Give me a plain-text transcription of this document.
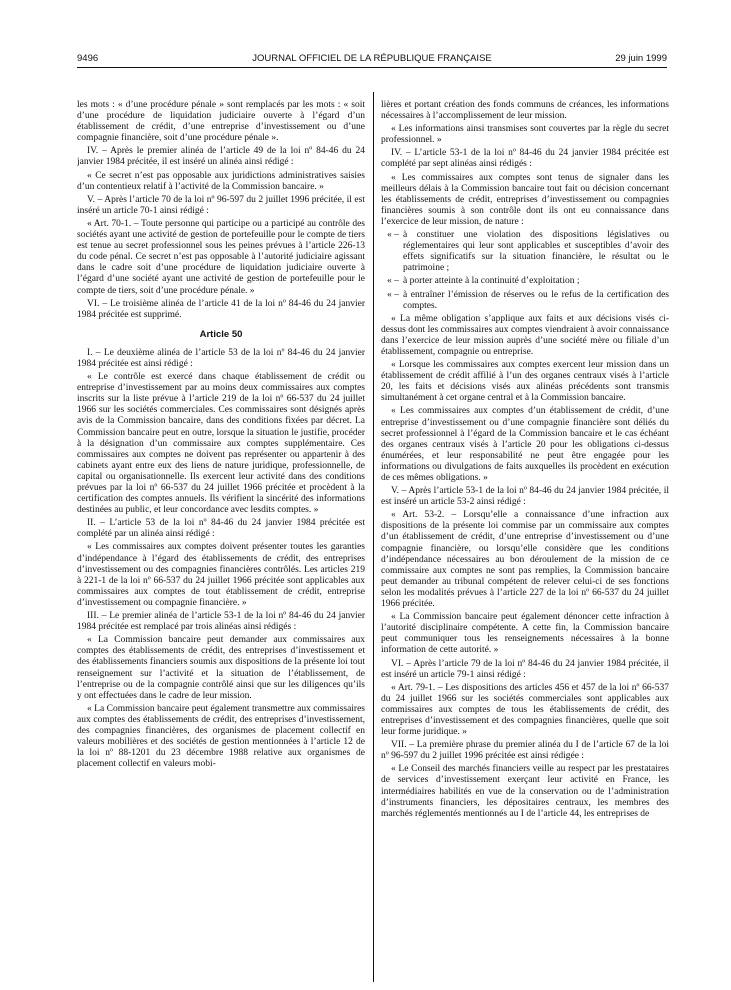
9496	JOURNAL OFFICIEL DE LA RÉPUBLIQUE FRANÇAISE	29 juin 1999

les mots : « d’une procédure pénale » sont remplacés par les mots : « soit d’une procédure de liquidation judiciaire ouverte à l’égard d’un établissement de crédit, d’une entreprise d’investissement ou d’une compagnie financière, soit d’une procédure pénale ».

IV. – Après le premier alinéa de l’article 49 de la loi nº 84-46 du 24 janvier 1984 précitée, il est inséré un alinéa ainsi rédigé :

« Ce secret n’est pas opposable aux juridictions administratives saisies d’un contentieux relatif à l’activité de la Commission bancaire. »

V. – Après l’article 70 de la loi nº 96-597 du 2 juillet 1996 précitée, il est inséré un article 70-1 ainsi rédigé :

« Art. 70-1. – Toute personne qui participe ou a participé au contrôle des sociétés ayant une activité de gestion de portefeuille pour le compte de tiers est tenue au secret professionnel sous les peines prévues à l’article 226-13 du code pénal. Ce secret n’est pas opposable à l’autorité judiciaire agissant dans le cadre soit d’une procédure de liquidation judiciaire ouverte à l’égard d’une société ayant une activité de gestion de portefeuille pour le compte de tiers, soit d’une procédure pénale. »

VI. – Le troisième alinéa de l’article 41 de la loi nº 84-46 du 24 janvier 1984 précitée est supprimé.

Article 50

I. – Le deuxième alinéa de l’article 53 de la loi nº 84-46 du 24 janvier 1984 précitée est ainsi rédigé :

« Le contrôle est exercé dans chaque établissement de crédit ou entreprise d’investissement par au moins deux commissaires aux comptes inscrits sur la liste prévue à l’article 219 de la loi nº 66-537 du 24 juillet 1966 sur les sociétés commerciales. Ces commissaires sont désignés après avis de la Commission bancaire, dans des conditions fixées par décret. La Commission bancaire peut en outre, lorsque la situation le justifie, procéder à la désignation d’un commissaire aux comptes supplémentaire. Ces commissaires aux comptes ne doivent pas représenter ou appartenir à des cabinets ayant entre eux des liens de nature juridique, professionnelle, de capital ou organisationnelle. Ils exercent leur activité dans des conditions prévues par la loi nº 66-537 du 24 juillet 1966 précitée et procèdent à la certification des comptes annuels. Ils vérifient la sincérité des informations destinées au public, et leur concordance avec lesdits comptes. »

II. – L’article 53 de la loi nº 84-46 du 24 janvier 1984 précitée est complété par un alinéa ainsi rédigé :

« Les commissaires aux comptes doivent présenter toutes les garanties d’indépendance à l’égard des établissements de crédit, des entreprises d’investissement ou des compagnies financières contrôlés. Les articles 219 à 221-1 de la loi nº 66-537 du 24 juillet 1966 précitée sont applicables aux commissaires aux comptes de tout établissement de crédit, entreprise d’investissement ou compagnie financière. »

III. – Le premier alinéa de l’article 53-1 de la loi nº 84-46 du 24 janvier 1984 précitée est remplacé par trois alinéas ainsi rédigés :

« La Commission bancaire peut demander aux commissaires aux comptes des établissements de crédit, des entreprises d’investissement et des établissements financiers soumis aux dispositions de la présente loi tout renseignement sur l’activité et la situation de l’établissement, de l’entreprise ou de la compagnie contrôlé ainsi que sur les diligences qu’ils y ont effectuées dans le cadre de leur mission.

« La Commission bancaire peut également transmettre aux commissaires aux comptes des établissements de crédit, des entreprises d’investissement, des compagnies financières, des organismes de placement collectif en valeurs mobilières et des sociétés de gestion mentionnées à l’article 12 de la loi nº 88-1201 du 23 décembre 1988 relative aux organismes de placement collectif en valeurs mobi-

lières et portant création des fonds communs de créances, les informations nécessaires à l’accomplissement de leur mission.

« Les informations ainsi transmises sont couvertes par la règle du secret professionnel. »

IV. – L’article 53-1 de la loi nº 84-46 du 24 janvier 1984 précitée est complété par sept alinéas ainsi rédigés :

« Les commissaires aux comptes sont tenus de signaler dans les meilleurs délais à la Commission bancaire tout fait ou décision concernant les établissements de crédit, entreprises d’investissement ou compagnies financières soumis à son contrôle dont ils ont eu connaissance dans l’exercice de leur mission, de nature :

« – à constituer une violation des dispositions législatives ou réglementaires qui leur sont applicables et susceptibles d’avoir des effets significatifs sur la situation financière, le résultat ou le patrimoine ;

« – à porter atteinte à la continuité d’exploitation ;

« – à entraîner l’émission de réserves ou le refus de la certification des comptes.

« La même obligation s’applique aux faits et aux décisions visés ci-dessus dont les commissaires aux comptes viendraient à avoir connaissance dans l’exercice de leur mission auprès d’une société mère ou filiale d’un établissement, compagnie ou entreprise.

« Lorsque les commissaires aux comptes exercent leur mission dans un établissement de crédit affilié à l’un des organes centraux visés à l’article 20, les faits et décisions visés aux alinéas précédents sont transmis simultanément à cet organe central et à la Commission bancaire.

« Les commissaires aux comptes d’un établissement de crédit, d’une entreprise d’investissement ou d’une compagnie financière sont déliés du secret professionnel à l’égard de la Commission bancaire et le cas échéant des organes centraux visés à l’article 20 pour les obligations ci-dessus énumérées, et leur responsabilité ne peut être engagée pour les informations ou divulgations de faits auxquelles ils procèdent en exécution de ces mêmes obligations. »

V. – Après l’article 53-1 de la loi nº 84-46 du 24 janvier 1984 précitée, il est inséré un article 53-2 ainsi rédigé :

« Art. 53-2. – Lorsqu’elle a connaissance d’une infraction aux dispositions de la présente loi commise par un commissaire aux comptes d’un établissement de crédit, d’une entreprise d’investissement ou d’une compagnie financière, ou lorsqu’elle considère que les conditions d’indépendance nécessaires au bon déroulement de la mission de ce commissaire aux comptes ne sont pas remplies, la Commission bancaire peut demander au tribunal compétent de relever celui-ci de ses fonctions selon les modalités prévues à l’article 227 de la loi nº 66-537 du 24 juillet 1966 précitée.

« La Commission bancaire peut également dénoncer cette infraction à l’autorité disciplinaire compétente. A cette fin, la Commission bancaire peut communiquer tous les renseignements nécessaires à la bonne information de cette autorité. »

VI. – Après l’article 79 de la loi nº 84-46 du 24 janvier 1984 précitée, il est inséré un article 79-1 ainsi rédigé :

« Art. 79-1. – Les dispositions des articles 456 et 457 de la loi nº 66-537 du 24 juillet 1966 sur les sociétés commerciales sont applicables aux commissaires aux comptes de tous les établissements de crédit, des entreprises d’investissement et des compagnies financières, quelle que soit leur forme juridique. »

VII. – La première phrase du premier alinéa du I de l’article 67 de la loi nº 96-597 du 2 juillet 1996 précitée est ainsi rédigée :

« Le Conseil des marchés financiers veille au respect par les prestataires de services d’investissement exerçant leur activité en France, les intermédiaires habilités en vue de la conservation ou de l’administration d’instruments financiers, les dépositaires centraux, les membres des marchés réglementés mentionnés au I de l’article 44, les entreprises de
